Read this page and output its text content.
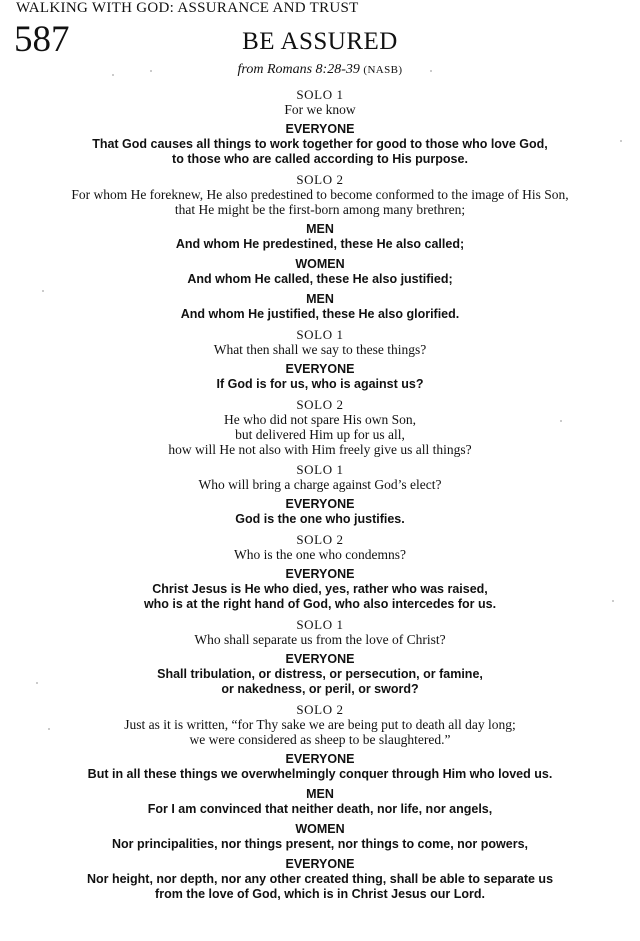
WALKING WITH GOD: ASSURANCE AND TRUST
587	BE ASSURED
from Romans 8:28-39 (NASB)
SOLO 1
For we know
EVERYONE
That God causes all things to work together for good to those who love God,
to those who are called according to His purpose.
SOLO 2
For whom He foreknew, He also predestined to become conformed to the image of His Son,
that He might be the first-born among many brethren;
MEN
And whom He predestined, these He also called;
WOMEN
And whom He called, these He also justified;
MEN
And whom He justified, these He also glorified.
SOLO 1
What then shall we say to these things?
EVERYONE
If God is for us, who is against us?
SOLO 2
He who did not spare His own Son,
but delivered Him up for us all,
how will He not also with Him freely give us all things?
SOLO 1
Who will bring a charge against God’s elect?
EVERYONE
God is the one who justifies.
SOLO 2
Who is the one who condemns?
EVERYONE
Christ Jesus is He who died, yes, rather who was raised,
who is at the right hand of God, who also intercedes for us.
SOLO 1
Who shall separate us from the love of Christ?
EVERYONE
Shall tribulation, or distress, or persecution, or famine,
or nakedness, or peril, or sword?
SOLO 2
Just as it is written, “for Thy sake we are being put to death all day long;
we were considered as sheep to be slaughtered.”
EVERYONE
But in all these things we overwhelmingly conquer through Him who loved us.
MEN
For I am convinced that neither death, nor life, nor angels,
WOMEN
Nor principalities, nor things present, nor things to come, nor powers,
EVERYONE
Nor height, nor depth, nor any other created thing, shall be able to separate us
from the love of God, which is in Christ Jesus our Lord.
